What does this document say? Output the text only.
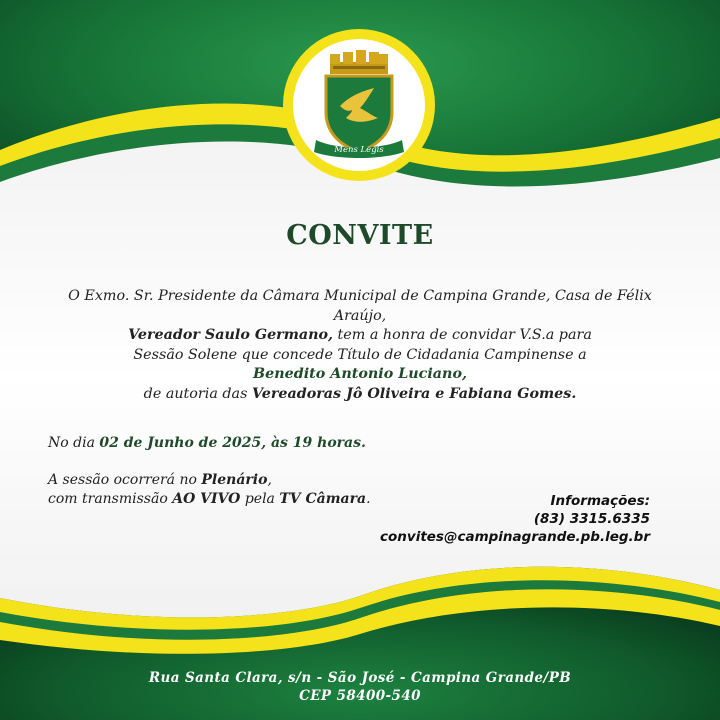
Mens Legis
CONVITE
O Exmo. Sr. Presidente da Câmara Municipal de Campina Grande, Casa de Félix Araújo,
Vereador Saulo Germano, tem a honra de convidar V.S.a para
Sessão Solene que concede Título de Cidadania Campinense a
Benedito Antonio Luciano,
de autoria das Vereadoras Jô Oliveira e Fabiana Gomes.
No dia 02 de Junho de 2025, às 19 horas.
A sessão ocorrerá no Plenário,
com transmissão AO VIVO pela TV Câmara.	Informações:
(83) 3315.6335
convites@campinagrande.pb.leg.br
Rua Santa Clara, s/n - São José - Campina Grande/PB
CEP 58400-540
